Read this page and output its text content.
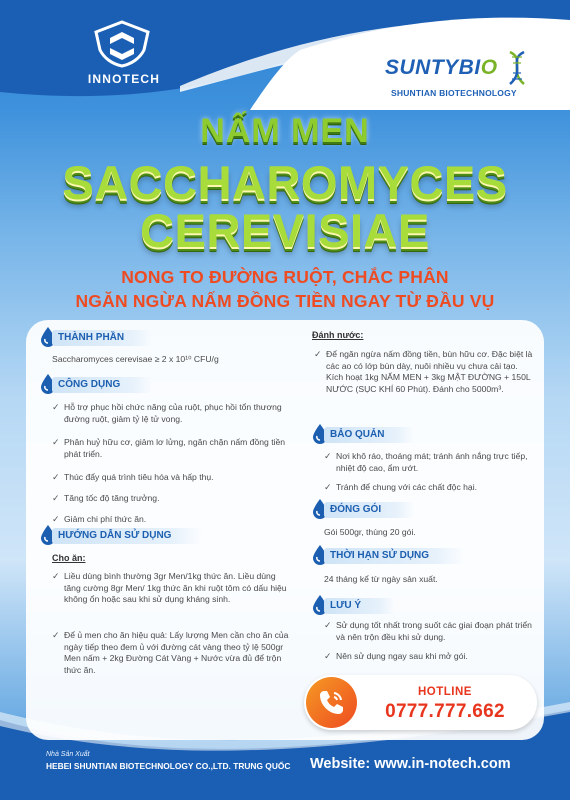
INNOTECH	SUNTYBIO
SHUNTIAN BIOTECHNOLOGY
NẤM MEN
SACCHAROMYCES
CEREVISIAE
NONG TO ĐƯỜNG RUỘT, CHẮC PHÂN
NGĂN NGỪA NẤM ĐỒNG TIỀN NGAY TỪ ĐẦU VỤ
THÀNH PHẦN
Saccharomyces cerevisae ≥ 2 x 10¹⁰ CFU/g
CÔNG DỤNG
✓ Hỗ trợ phục hồi chức năng của ruột, phục hồi tổn thương đường ruột, giảm tỷ lệ tử vong.
✓ Phân huỷ hữu cơ, giảm lơ lửng, ngăn chặn nấm đồng tiền phát triển.
✓ Thúc đẩy quá trình tiêu hóa và hấp thụ.
✓ Tăng tốc độ tăng trưởng.
✓ Giảm chi phí thức ăn.
HƯỚNG DẪN SỬ DỤNG
Cho ăn:
✓ Liều dùng bình thường 3gr Men/1kg thức ăn. Liều dùng tăng cường 8gr Men/ 1kg thức ăn khi ruột tôm có dấu hiệu không ổn hoặc sau khi sử dụng kháng sinh.
✓ Để ủ men cho ăn hiệu quả: Lấy lượng Men cần cho ăn của ngày tiếp theo đem ủ với đường cát vàng theo tỷ lệ 500gr Men nấm + 2kg Đường Cát Vàng + Nước vừa đủ để trộn thức ăn.
Đánh nước:
✓ Để ngăn ngừa nấm đồng tiền, bùn hữu cơ. Đặc biệt là các ao có lớp bùn dày, nuôi nhiều vụ chưa cải tạo. Kích hoạt 1kg NẤM MEN + 3kg MẬT ĐƯỜNG + 150L NƯỚC (SỤC KHÍ 60 Phút). Đánh cho 5000m³.
BẢO QUẢN
✓ Nơi khô ráo, thoáng mát; tránh ánh nắng trực tiếp, nhiệt độ cao, ẩm ướt.
✓ Tránh để chung với các chất độc hại.
ĐÓNG GÓI
Gói 500gr, thùng 20 gói.
THỜI HẠN SỬ DỤNG
24 tháng kể từ ngày sản xuất.
LƯU Ý
✓ Sử dụng tốt nhất trong suốt các giai đoạn phát triển và nên trộn đều khi sử dụng.
✓ Nên sử dụng ngay sau khi mở gói.
HOTLINE
0777.777.662
Nhà Sản Xuất
HEBEI SHUNTIAN BIOTECHNOLOGY CO.,LTD. TRUNG QUỐC Website: www.in-notech.com
